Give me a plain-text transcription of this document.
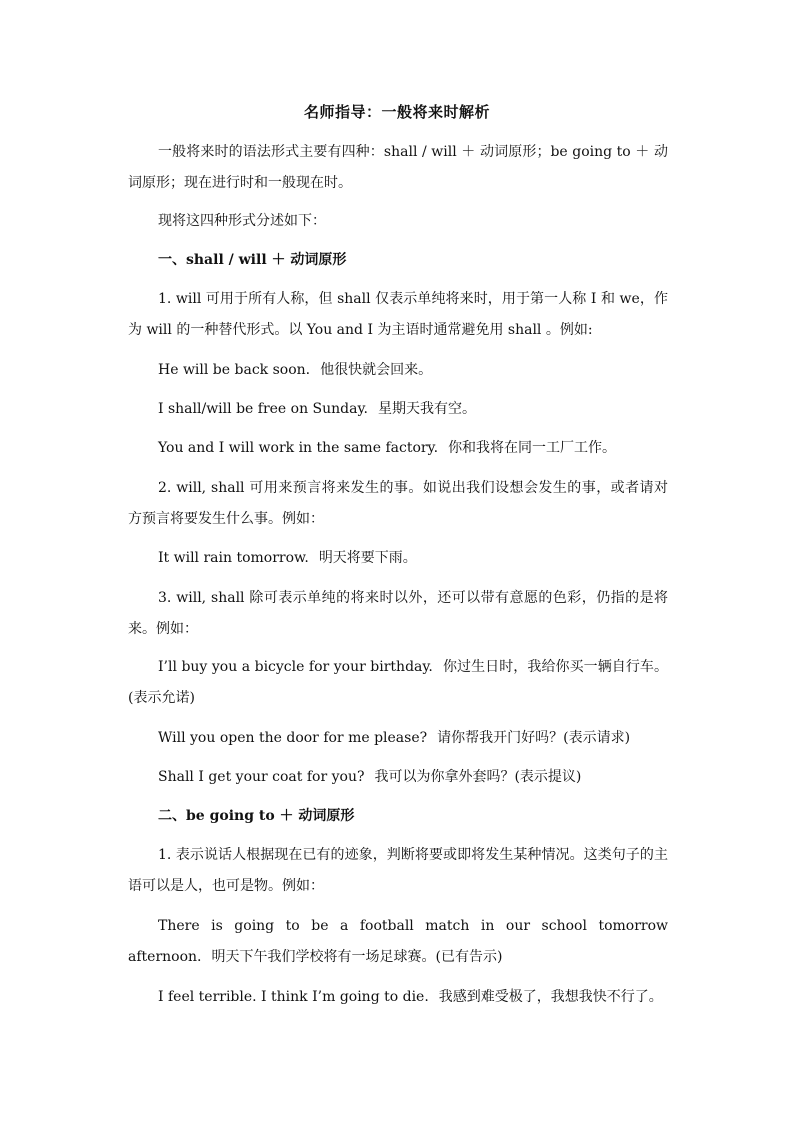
名师指导：一般将来时解析
一般将来时的语法形式主要有四种：shall / will ＋ 动词原形；be going to ＋ 动词原形；现在进行时和一般现在时。
现将这四种形式分述如下：
一、shall / will ＋ 动词原形
1. will 可用于所有人称，但 shall 仅表示单纯将来时，用于第一人称 I 和 we，作为 will 的一种替代形式。以 You and I 为主语时通常避免用 shall 。例如:
He will be back soon. 他很快就会回来。
I shall/will be free on Sunday. 星期天我有空。
You and I will work in the same factory. 你和我将在同一工厂工作。
2. will, shall 可用来预言将来发生的事。如说出我们设想会发生的事，或者请对方预言将要发生什么事。例如：
It will rain tomorrow. 明天将要下雨。
3. will, shall 除可表示单纯的将来时以外，还可以带有意愿的色彩，仍指的是将来。例如：
I’ll buy you a bicycle for your birthday. 你过生日时，我给你买一辆自行车。(表示允诺)
Will you open the door for me please? 请你帮我开门好吗？(表示请求)
Shall I get your coat for you? 我可以为你拿外套吗？(表示提议)
二、be going to ＋ 动词原形
1. 表示说话人根据现在已有的迹象，判断将要或即将发生某种情况。这类句子的主语可以是人，也可是物。例如：
There is going to be a football match in our school tomorrow afternoon. 明天下午我们学校将有一场足球赛。(已有告示)
I feel terrible. I think I’m going to die. 我感到难受极了，我想我快不行了。
